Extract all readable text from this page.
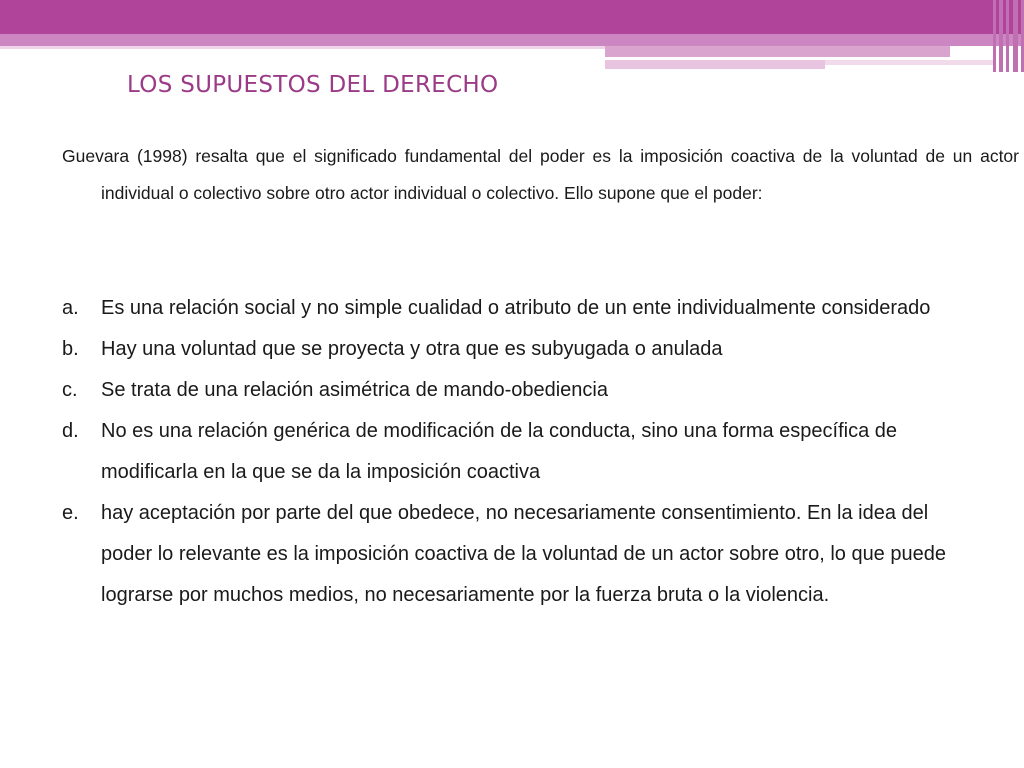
LOS SUPUESTOS DEL DERECHO

Guevara (1998) resalta que el significado fundamental del poder es la imposición coactiva de la voluntad de un actor individual o colectivo sobre otro actor individual o colectivo. Ello supone que el poder:

a. Es una relación social y no simple cualidad o atributo de un ente individualmente considerado
b. Hay una voluntad que se proyecta y otra que es subyugada o anulada
c. Se trata de una relación asimétrica de mando-obediencia
d. No es una relación genérica de modificación de la conducta, sino una forma específica de modificarla en la que se da la imposición coactiva
e. hay aceptación por parte del que obedece, no necesariamente consentimiento. En la idea del poder lo relevante es la imposición coactiva de la voluntad de un actor sobre otro, lo que puede lograrse por muchos medios, no necesariamente por la fuerza bruta o la violencia.
